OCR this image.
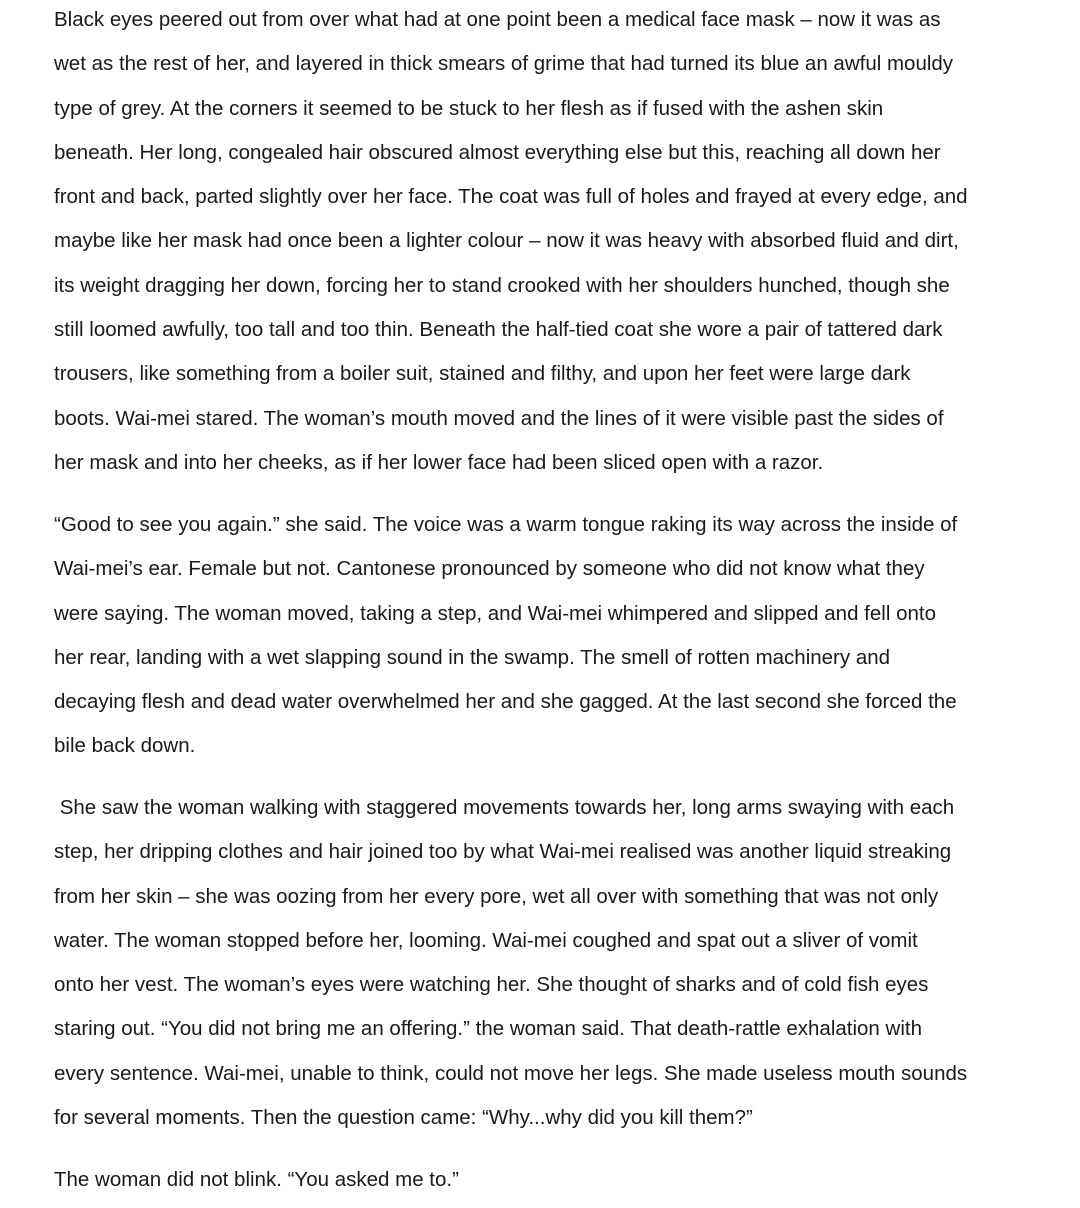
Black eyes peered out from over what had at one point been a medical face mask – now it was as
wet as the rest of her, and layered in thick smears of grime that had turned its blue an awful mouldy
type of grey. At the corners it seemed to be stuck to her flesh as if fused with the ashen skin
beneath. Her long, congealed hair obscured almost everything else but this, reaching all down her
front and back, parted slightly over her face. The coat was full of holes and frayed at every edge, and
maybe like her mask had once been a lighter colour – now it was heavy with absorbed fluid and dirt,
its weight dragging her down, forcing her to stand crooked with her shoulders hunched, though she
still loomed awfully, too tall and too thin. Beneath the half-tied coat she wore a pair of tattered dark
trousers, like something from a boiler suit, stained and filthy, and upon her feet were large dark
boots. Wai-mei stared. The woman’s mouth moved and the lines of it were visible past the sides of
her mask and into her cheeks, as if her lower face had been sliced open with a razor.
“Good to see you again.” she said. The voice was a warm tongue raking its way across the inside of
Wai-mei’s ear. Female but not. Cantonese pronounced by someone who did not know what they
were saying. The woman moved, taking a step, and Wai-mei whimpered and slipped and fell onto
her rear, landing with a wet slapping sound in the swamp. The smell of rotten machinery and
decaying flesh and dead water overwhelmed her and she gagged. At the last second she forced the
bile back down.
She saw the woman walking with staggered movements towards her, long arms swaying with each
step, her dripping clothes and hair joined too by what Wai-mei realised was another liquid streaking
from her skin – she was oozing from her every pore, wet all over with something that was not only
water. The woman stopped before her, looming. Wai-mei coughed and spat out a sliver of vomit
onto her vest. The woman’s eyes were watching her. She thought of sharks and of cold fish eyes
staring out. “You did not bring me an offering.” the woman said. That death-rattle exhalation with
every sentence. Wai-mei, unable to think, could not move her legs. She made useless mouth sounds
for several moments. Then the question came: “Why...why did you kill them?”
The woman did not blink. “You asked me to.”
